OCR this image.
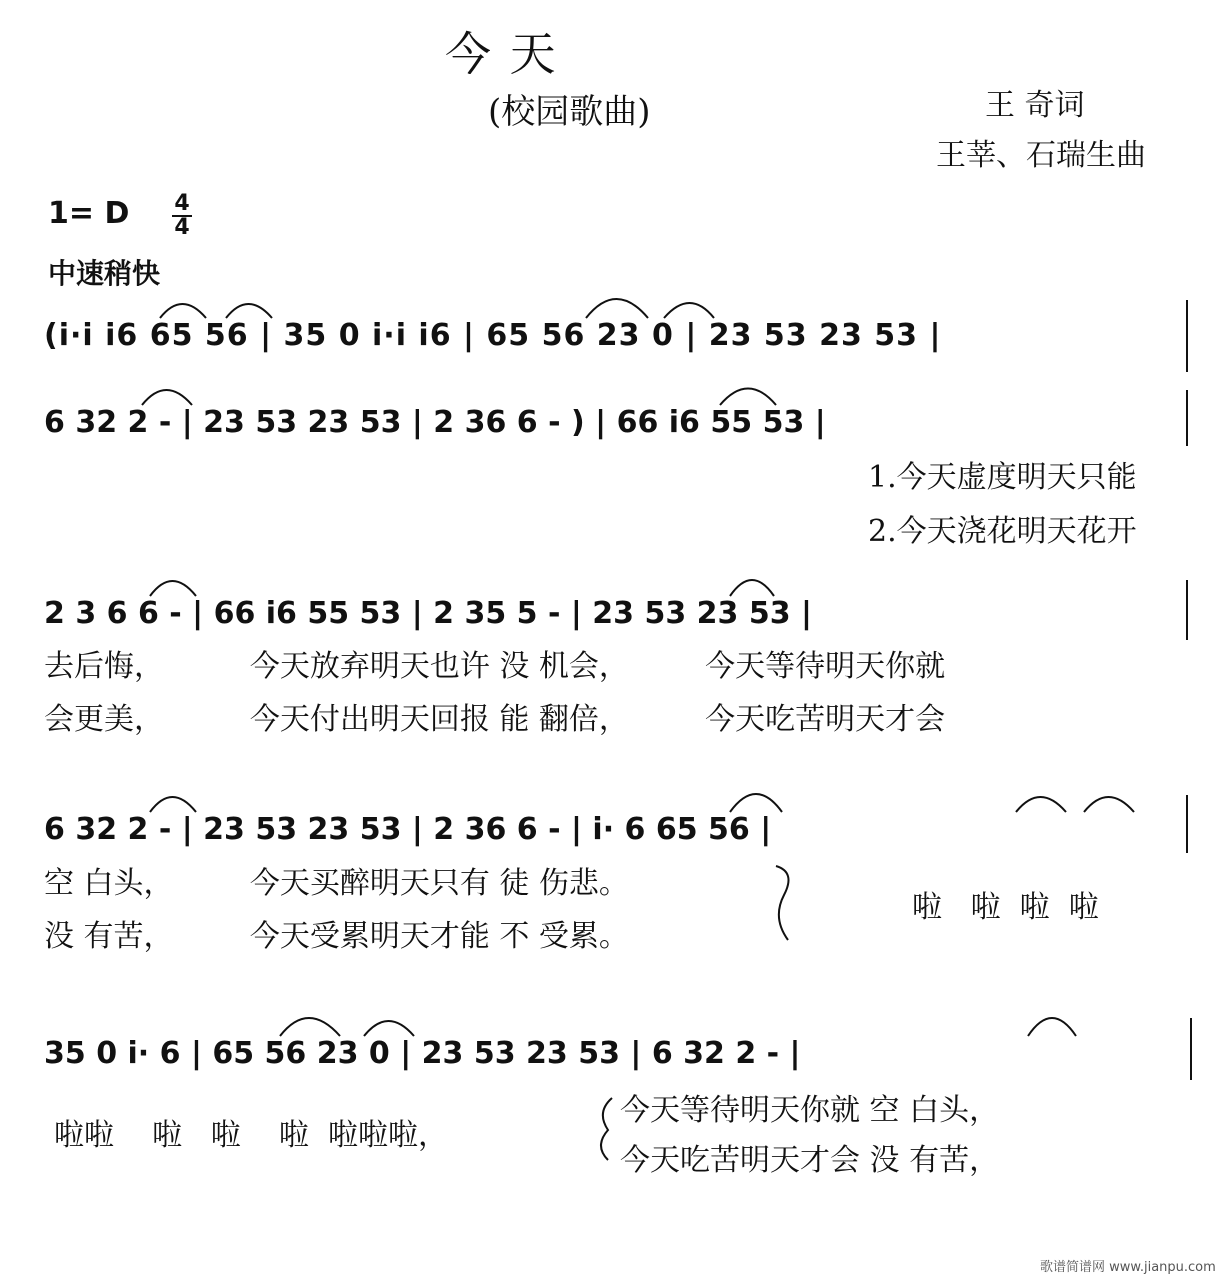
今 天
(校园歌曲)	王 奇词
王莘、石瑞生曲
1= D 4
4
中速稍快
(i·i i6 65 56 | 35 0 i·i i6 | 65 56 23 0 | 23 53 23 53 |
6 32 2 - | 23 53 23 53 | 2 36 6 - ) | 66 i6 55 53 |
1.今天虚度明天只能
2.今天浇花明天花开
2 3 6 6 - | 66 i6 55 53 | 2 35 5 - | 23 53 23 53 |
去后悔，         今天放弃明天也许 没 机会，        今天等待明天你就
会更美，         今天付出明天回报 能 翻倍，        今天吃苦明天才会
6 32 2 - | 23 53 23 53 | 2 36 6 - | i· 6 65 56 |
空 白头，        今天买醉明天只有 徒 伤悲。
没 有苦，        今天受累明天才能 不 受累。
啦   啦  啦  啦
35 0 i· 6 | 65 56 23 0 | 23 53 23 53 | 6 32 2 - |
啦啦    啦   啦    啦  啦啦啦，
今天等待明天你就 空 白头，
今天吃苦明天才会 没 有苦，
歌谱简谱网 www.jianpu.com
